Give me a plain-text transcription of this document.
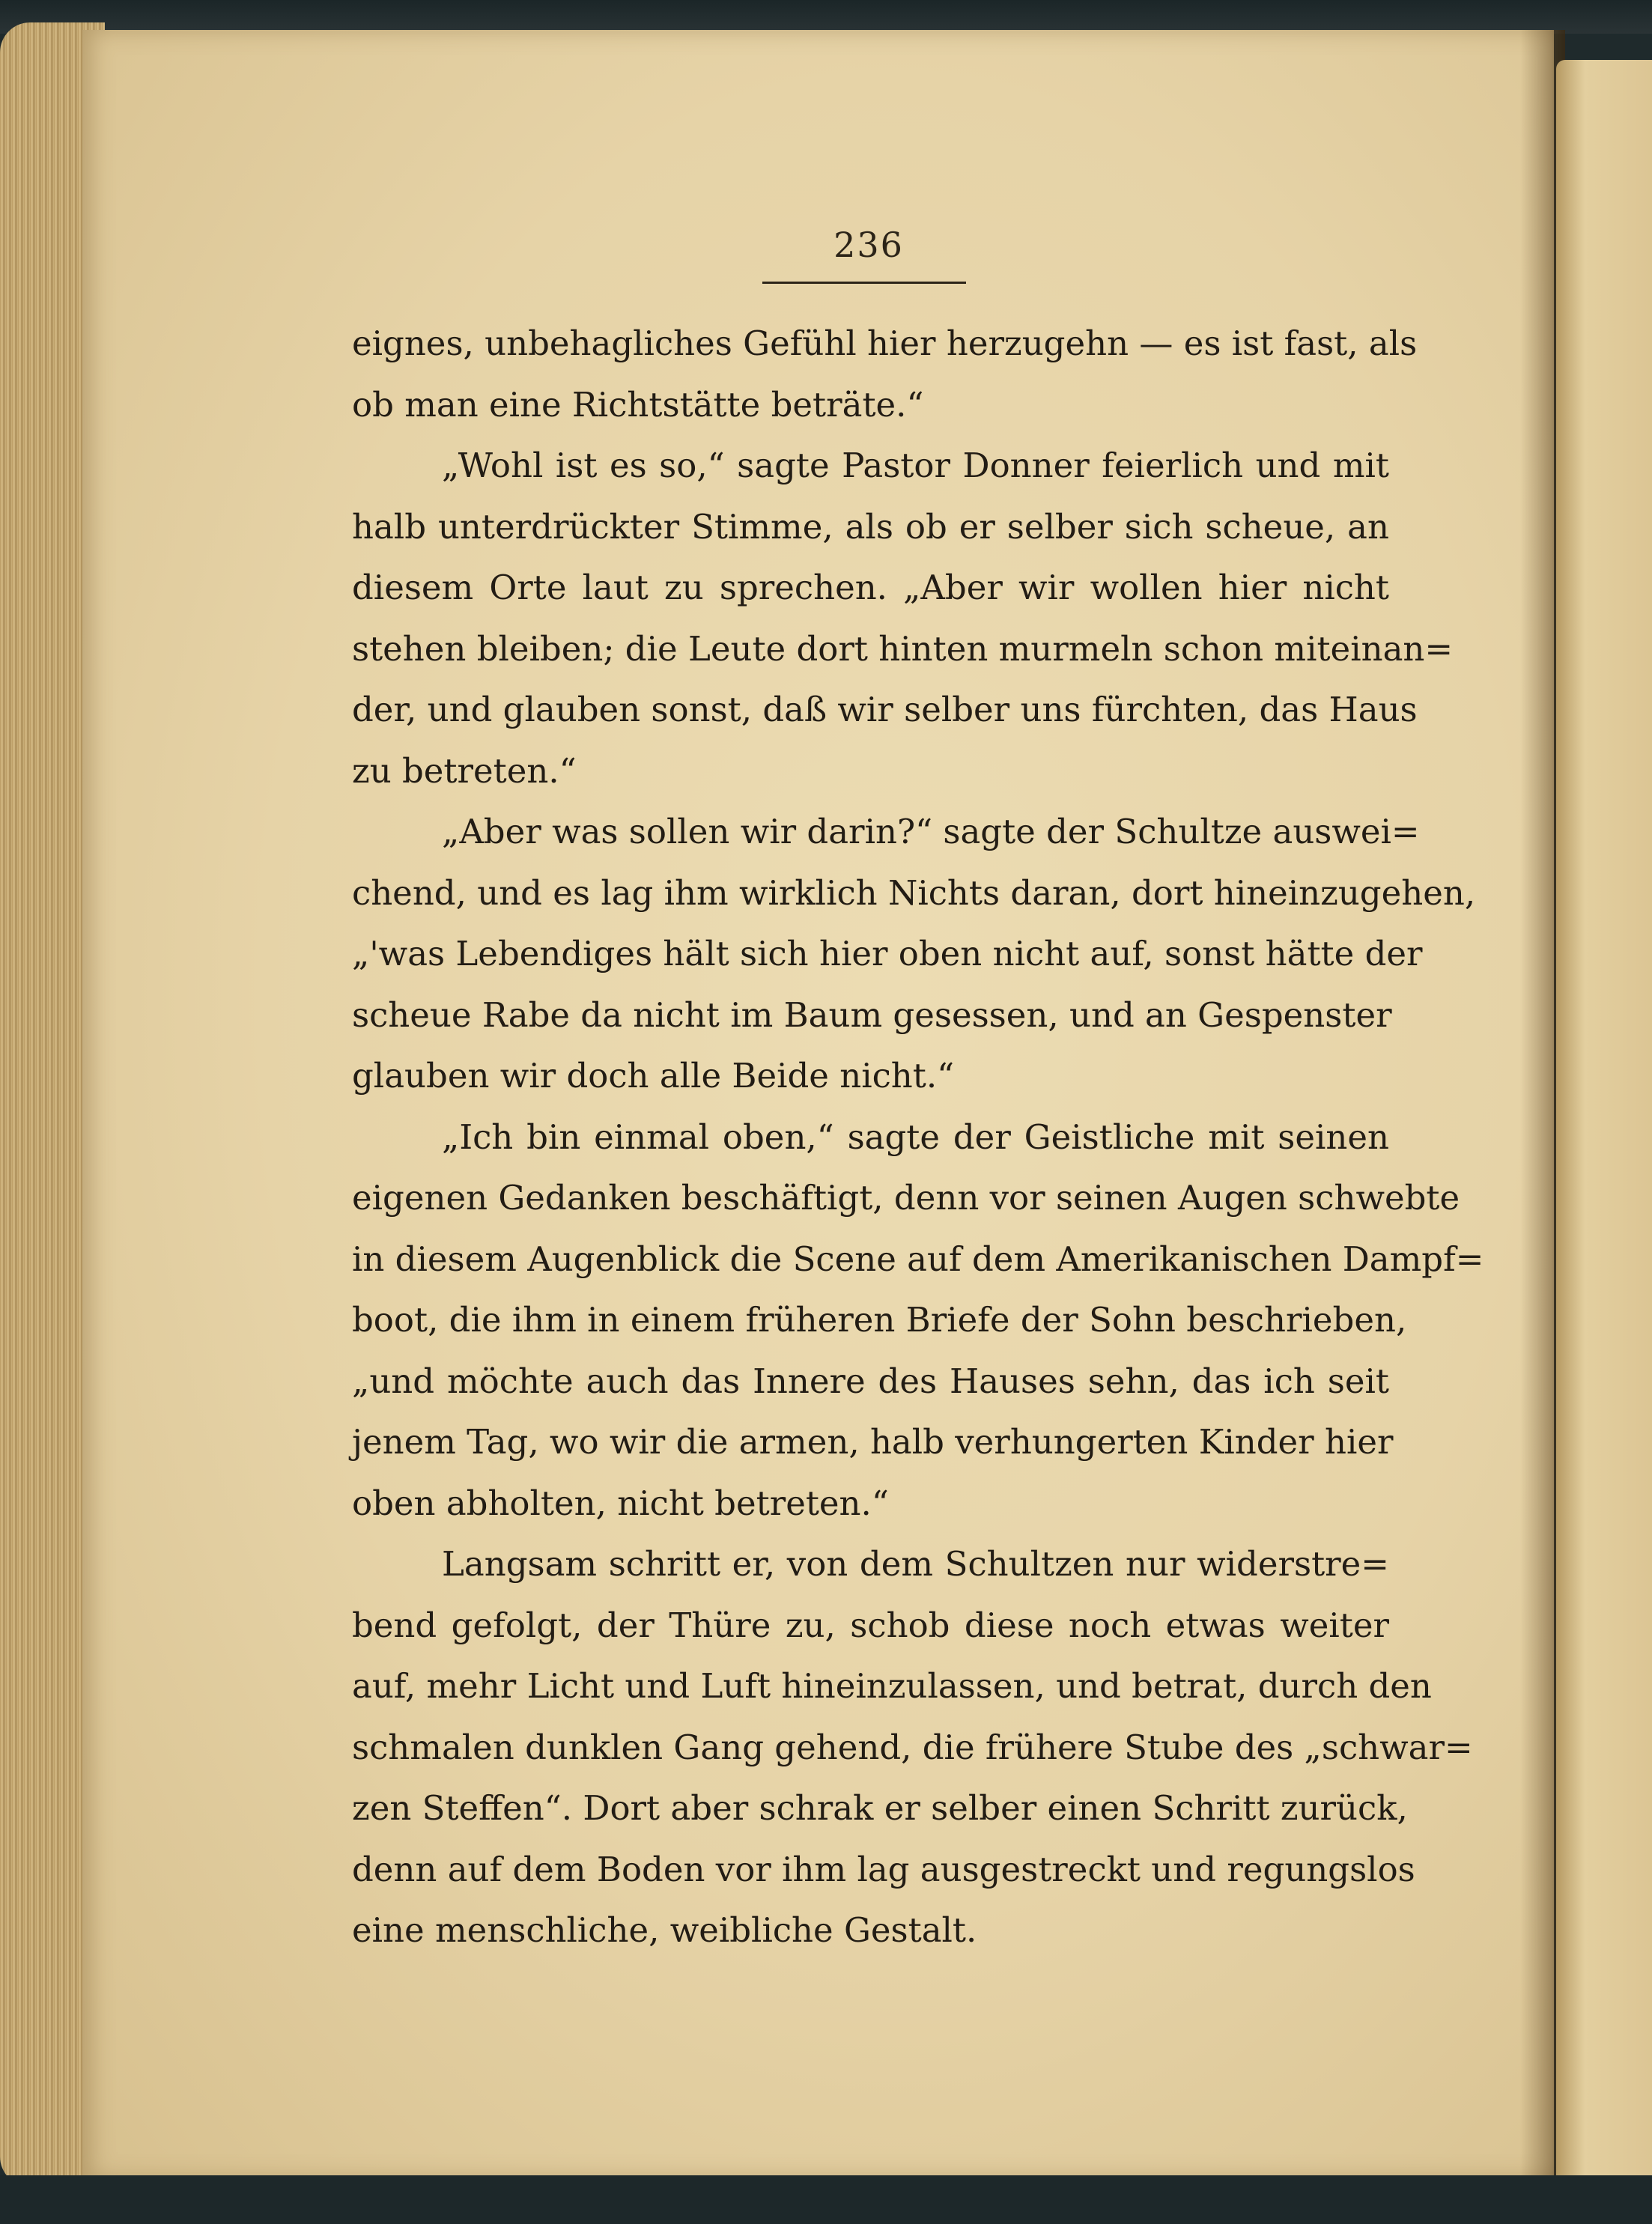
236
eignes, unbehagliches Gefühl hier herzugehn — es ist fast, als
ob man eine Richtstätte beträte.“
„Wohl ist es so,“ sagte Pastor Donner feierlich und mit
halb unterdrückter Stimme, als ob er selber sich scheue, an
diesem Orte laut zu sprechen. „Aber wir wollen hier nicht
stehen bleiben; die Leute dort hinten murmeln schon miteinan=
der, und glauben sonst, daß wir selber uns fürchten, das Haus
zu betreten.“
„Aber was sollen wir darin?“ sagte der Schultze auswei=
chend, und es lag ihm wirklich Nichts daran, dort hineinzugehen,
„'was Lebendiges hält sich hier oben nicht auf, sonst hätte der
scheue Rabe da nicht im Baum gesessen, und an Gespenster
glauben wir doch alle Beide nicht.“
„Ich bin einmal oben,“ sagte der Geistliche mit seinen
eigenen Gedanken beschäftigt, denn vor seinen Augen schwebte
in diesem Augenblick die Scene auf dem Amerikanischen Dampf=
boot, die ihm in einem früheren Briefe der Sohn beschrieben,
„und möchte auch das Innere des Hauses sehn, das ich seit
jenem Tag, wo wir die armen, halb verhungerten Kinder hier
oben abholten, nicht betreten.“
Langsam schritt er, von dem Schultzen nur widerstre=
bend gefolgt, der Thüre zu, schob diese noch etwas weiter
auf, mehr Licht und Luft hineinzulassen, und betrat, durch den
schmalen dunklen Gang gehend, die frühere Stube des „schwar=
zen Steffen“. Dort aber schrak er selber einen Schritt zurück,
denn auf dem Boden vor ihm lag ausgestreckt und regungslos
eine menschliche, weibliche Gestalt.
